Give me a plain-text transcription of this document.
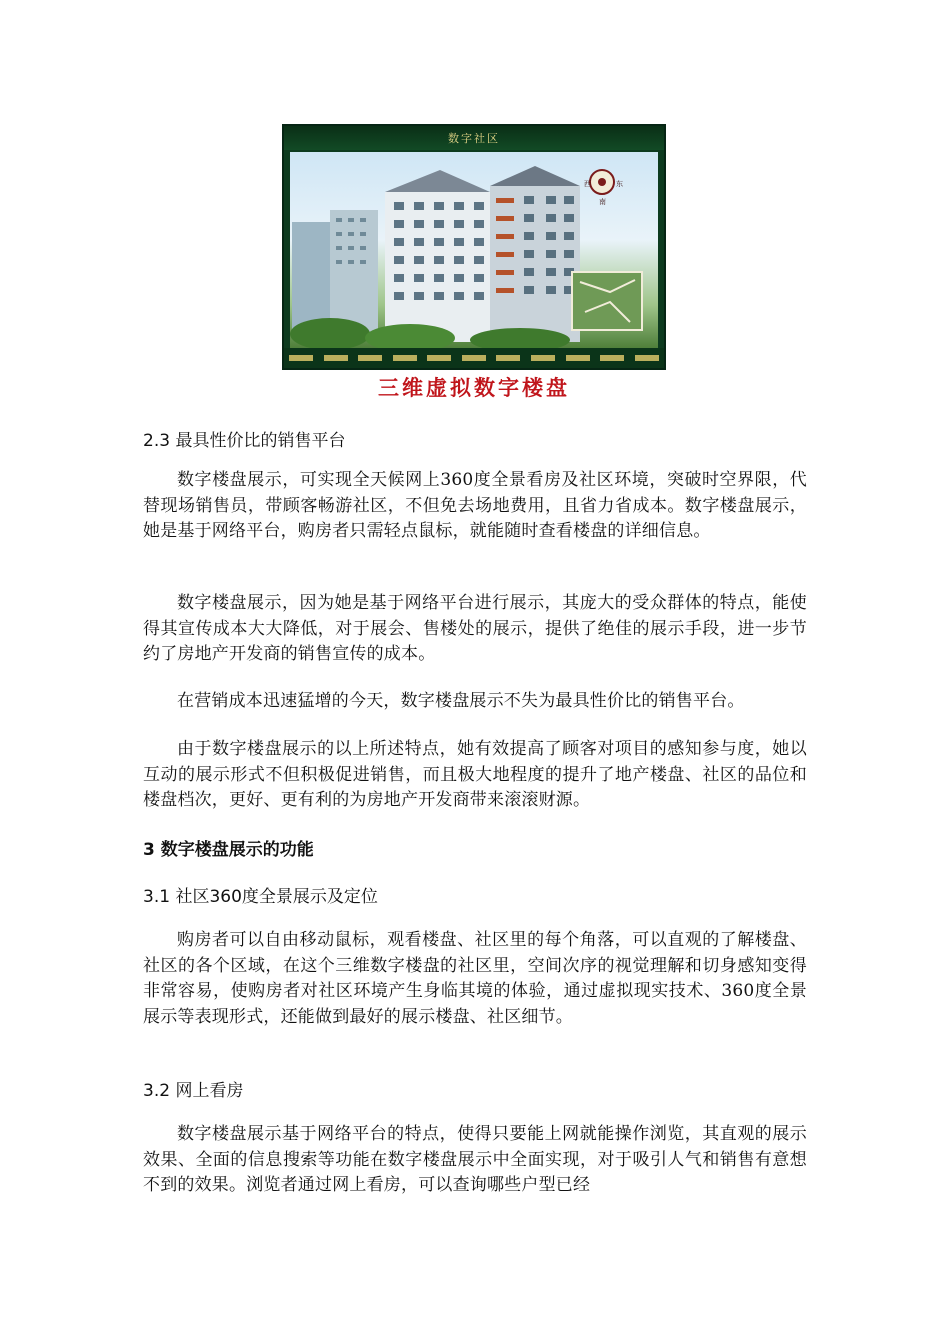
数字社区
西	东
南
三维虚拟数字楼盘
2.3 最具性价比的销售平台

数字楼盘展示，可实现全天候网上360度全景看房及社区环境，突破时空界限，代替现场销售员，带顾客畅游社区，不但免去场地费用，且省力省成本。数字楼盘展示，她是基于网络平台，购房者只需轻点鼠标，就能随时查看楼盘的详细信息。

数字楼盘展示，因为她是基于网络平台进行展示，其庞大的受众群体的特点，能使得其宣传成本大大降低，对于展会、售楼处的展示，提供了绝佳的展示手段，进一步节约了房地产开发商的销售宣传的成本。

在营销成本迅速猛增的今天，数字楼盘展示不失为最具性价比的销售平台。

由于数字楼盘展示的以上所述特点，她有效提高了顾客对项目的感知参与度，她以互动的展示形式不但积极促进销售，而且极大地程度的提升了地产楼盘、社区的品位和楼盘档次，更好、更有利的为房地产开发商带来滚滚财源。

3 数字楼盘展示的功能
3.1 社区360度全景展示及定位

购房者可以自由移动鼠标，观看楼盘、社区里的每个角落，可以直观的了解楼盘、社区的各个区域，在这个三维数字楼盘的社区里，空间次序的视觉理解和切身感知变得非常容易，使购房者对社区环境产生身临其境的体验，通过虚拟现实技术、360度全景展示等表现形式，还能做到最好的展示楼盘、社区细节。

3.2 网上看房

数字楼盘展示基于网络平台的特点，使得只要能上网就能操作浏览，其直观的展示效果、全面的信息搜索等功能在数字楼盘展示中全面实现，对于吸引人气和销售有意想不到的效果。浏览者通过网上看房，可以查询哪些户型已经
